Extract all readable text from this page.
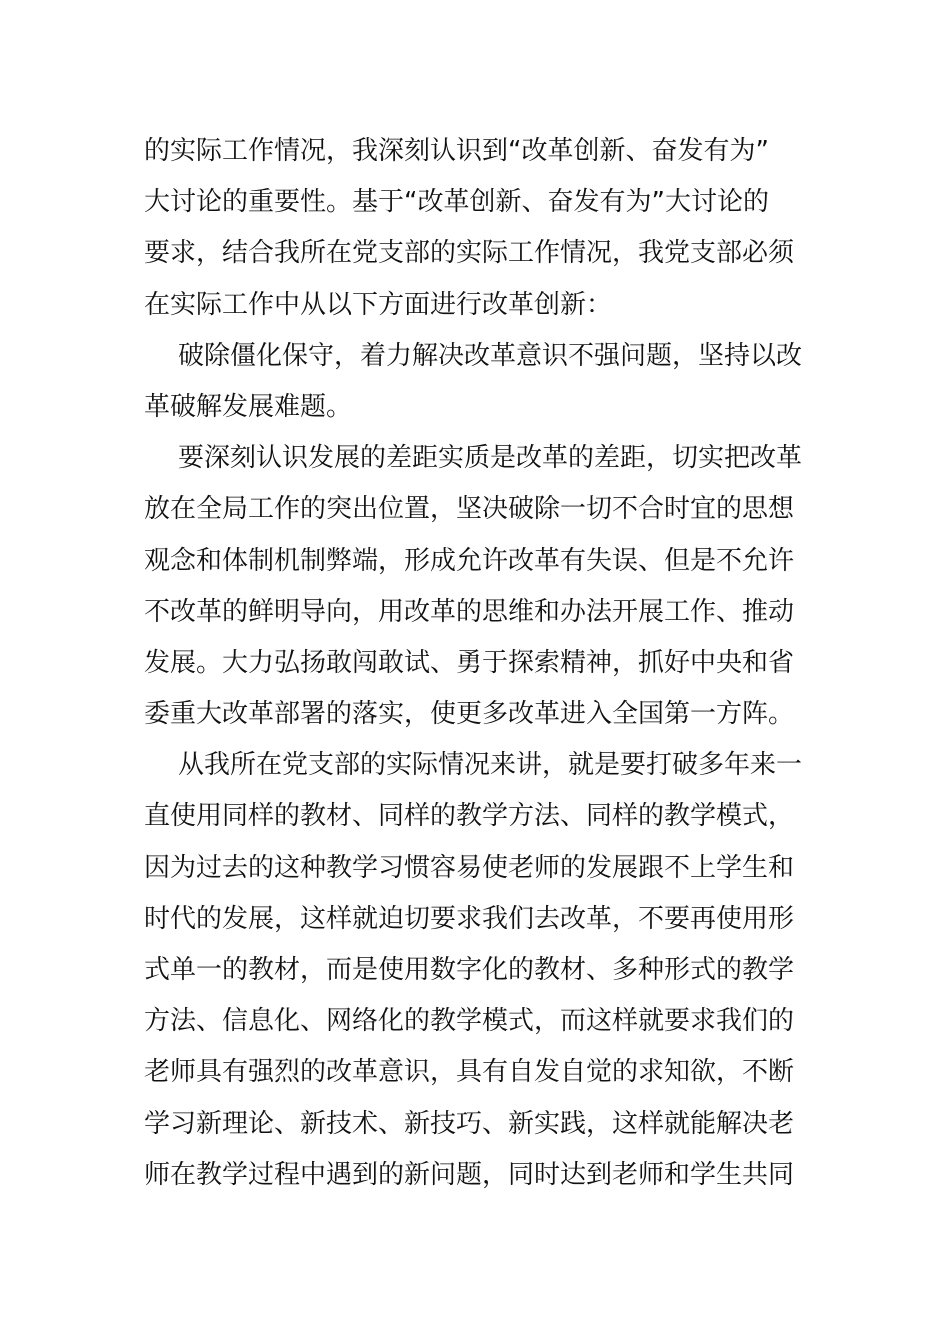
的实际工作情况，我深刻认识到“改革创新、奋发有为”
大讨论的重要性。基于“改革创新、奋发有为”大讨论的
要求，结合我所在党支部的实际工作情况，我党支部必须
在实际工作中从以下方面进行改革创新：
破除僵化保守，着力解决改革意识不强问题，坚持以改
革破解发展难题。
要深刻认识发展的差距实质是改革的差距，切实把改革
放在全局工作的突出位置，坚决破除一切不合时宜的思想
观念和体制机制弊端，形成允许改革有失误、但是不允许
不改革的鲜明导向，用改革的思维和办法开展工作、推动
发展。大力弘扬敢闯敢试、勇于探索精神，抓好中央和省
委重大改革部署的落实，使更多改革进入全国第一方阵。
从我所在党支部的实际情况来讲，就是要打破多年来一
直使用同样的教材、同样的教学方法、同样的教学模式，
因为过去的这种教学习惯容易使老师的发展跟不上学生和
时代的发展，这样就迫切要求我们去改革，不要再使用形
式单一的教材，而是使用数字化的教材、多种形式的教学
方法、信息化、网络化的教学模式，而这样就要求我们的
老师具有强烈的改革意识，具有自发自觉的求知欲，不断
学习新理论、新技术、新技巧、新实践，这样就能解决老
师在教学过程中遇到的新问题，同时达到老师和学生共同
